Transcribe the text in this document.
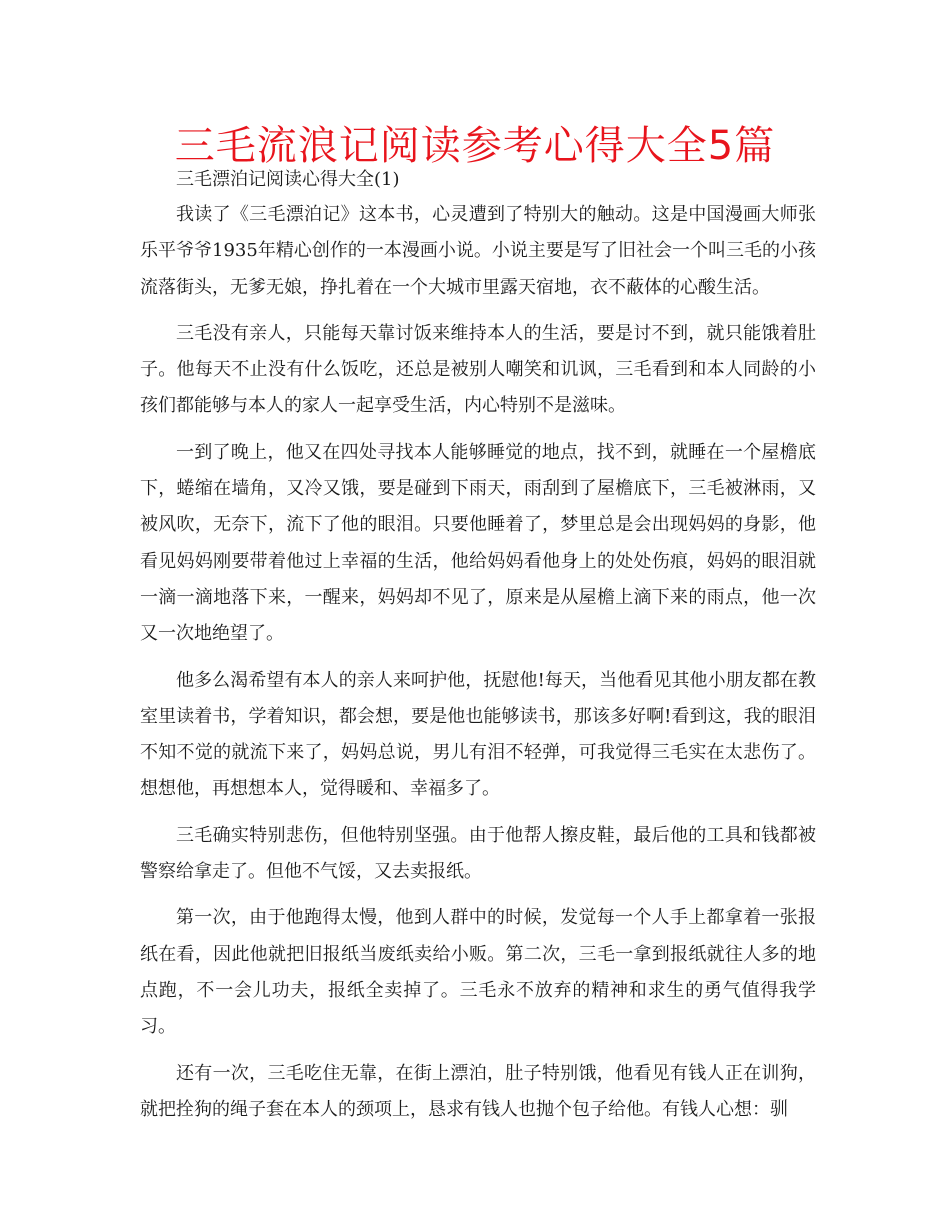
三毛流浪记阅读参考心得大全5篇

三毛漂泊记阅读心得大全(1)

我读了《三毛漂泊记》这本书，心灵遭到了特别大的触动。这是中国漫画大师张乐平爷爷1935年精心创作的一本漫画小说。小说主要是写了旧社会一个叫三毛的小孩流落街头，无爹无娘，挣扎着在一个大城市里露天宿地，衣不蔽体的心酸生活。

三毛没有亲人，只能每天靠讨饭来维持本人的生活，要是讨不到，就只能饿着肚子。他每天不止没有什么饭吃，还总是被别人嘲笑和讥讽，三毛看到和本人同龄的小孩们都能够与本人的家人一起享受生活，内心特别不是滋味。

一到了晚上，他又在四处寻找本人能够睡觉的地点，找不到，就睡在一个屋檐底下，蜷缩在墙角，又冷又饿，要是碰到下雨天，雨刮到了屋檐底下，三毛被淋雨，又被风吹，无奈下，流下了他的眼泪。只要他睡着了，梦里总是会出现妈妈的身影，他看见妈妈刚要带着他过上幸福的生活，他给妈妈看他身上的处处伤痕，妈妈的眼泪就一滴一滴地落下来，一醒来，妈妈却不见了，原来是从屋檐上滴下来的雨点，他一次又一次地绝望了。

他多么渴希望有本人的亲人来呵护他，抚慰他!每天，当他看见其他小朋友都在教室里读着书，学着知识，都会想，要是他也能够读书，那该多好啊!看到这，我的眼泪不知不觉的就流下来了，妈妈总说，男儿有泪不轻弹，可我觉得三毛实在太悲伤了。想想他，再想想本人，觉得暖和、幸福多了。

三毛确实特别悲伤，但他特别坚强。由于他帮人擦皮鞋，最后他的工具和钱都被警察给拿走了。但他不气馁，又去卖报纸。

第一次，由于他跑得太慢，他到人群中的时候，发觉每一个人手上都拿着一张报纸在看，因此他就把旧报纸当废纸卖给小贩。第二次，三毛一拿到报纸就往人多的地点跑，不一会儿功夫，报纸全卖掉了。三毛永不放弃的精神和求生的勇气值得我学习。

还有一次，三毛吃住无靠，在街上漂泊，肚子特别饿，他看见有钱人正在训狗，就把拴狗的绳子套在本人的颈项上，恳求有钱人也抛个包子给他。有钱人心想：驯
